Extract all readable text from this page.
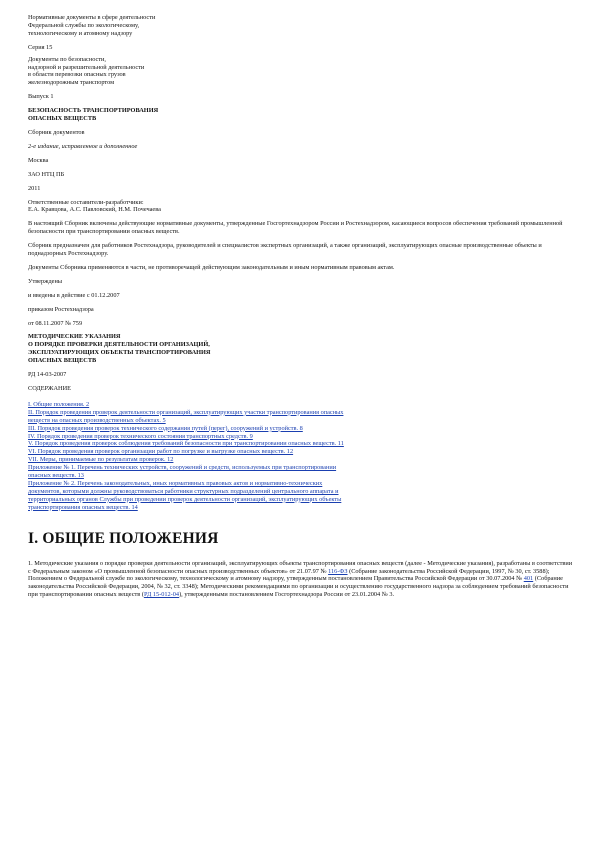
Нормативные документы в сфере деятельности
Федеральной службы по экологическому,
технологическому и атомному надзору
Серия 15
Документы по безопасности,
надзорной и разрешительной деятельности
в области перевозки опасных грузов
железнодорожным транспортом
Выпуск 1
БЕЗОПАСНОСТЬ ТРАНСПОРТИРОВАНИЯ
ОПАСНЫХ ВЕЩЕСТВ
Сборник документов
2-е издание, исправленное и дополненное
Москва
ЗАО НТЦ ПБ
2011
Ответственные составители-разработчики:
Е.А. Кравцова, А.С. Павловский, Н.М. Почечаева
В настоящий Сборник включены действующие нормативные документы, утвержденные Госгортехнадзором России и Ростехнадзором, касающиеся вопросов обеспечения требований промышленной безопасности при транспортировании опасных веществ.
Сборник предназначен для работников Ростехнадзора, руководителей и специалистов экспертных организаций, а также организаций, эксплуатирующих опасные производственные объекты и поднадзорных Ростехнадзору.
Документы Сборника применяются в части, не противоречащей действующим законодательным и иным нормативным правовым актам.
Утверждены
и введены в действие с 01.12.2007
приказом Ростехнадзора
от 08.11.2007 № 759
МЕТОДИЧЕСКИЕ УКАЗАНИЯ
О ПОРЯДКЕ ПРОВЕРКИ ДЕЯТЕЛЬНОСТИ ОРГАНИЗАЦИЙ,
ЭКСПЛУАТИРУЮЩИХ ОБЪЕКТЫ ТРАНСПОРТИРОВАНИЯ
ОПАСНЫХ ВЕЩЕСТВ
РД 14-03-2007
СОДЕРЖАНИЕ
I. Общие положения. 2
II. Порядок проведения проверок деятельности организаций, эксплуатирующих участки транспортирования опасных
веществ на опасных производственных объектах. 5
III. Порядок проведения проверок технического содержания путей (перег), сооружений и устройств. 8
IV. Порядок проведения проверок технического состояния транспортных средств. 9
V. Порядок проведения проверок соблюдения требований безопасности при транспортировании опасных веществ. 11
VI. Порядок проведения проверок организации работ по погрузке и выгрузке опасных веществ. 12
VII. Меры, принимаемые по результатам проверок. 12
Приложение № 1. Перечень технических устройств, сооружений и средств, используемых при транспортировании
опасных веществ. 13
Приложение № 2. Перечень законодательных, иных нормативных правовых актов и нормативно-технических
документов, которыми должны руководствоваться работники структурных подразделений центрального аппарата и
территориальных органов Службы при проведении проверок деятельности организаций, эксплуатирующих объекты
транспортирования опасных веществ. 14
I. ОБЩИЕ ПОЛОЖЕНИЯ

1. Методические указания о порядке проверки деятельности организаций, эксплуатирующих объекты транспортирования опасных веществ (далее - Методические указания), разработаны в соответствии с Федеральным законом «О промышленной безопасности опасных производственных объектов» от 21.07.97 № 116-ФЗ (Собрание законодательства Российской Федерации, 1997, № 30, ст. 3588); Положением о Федеральной службе по экологическому, технологическому и атомному надзору, утвержденным постановлением Правительства Российской Федерации от 30.07.2004 № 401 (Собрание законодательства Российской Федерации, 2004, № 32, ст. 3348); Методическими рекомендациями по организации и осуществлению государственного надзора за соблюдением требований безопасности при транспортировании опасных веществ (РД 15-012-04), утвержденными постановлением Госгортехнадзора России от 23.01.2004 № 3.
